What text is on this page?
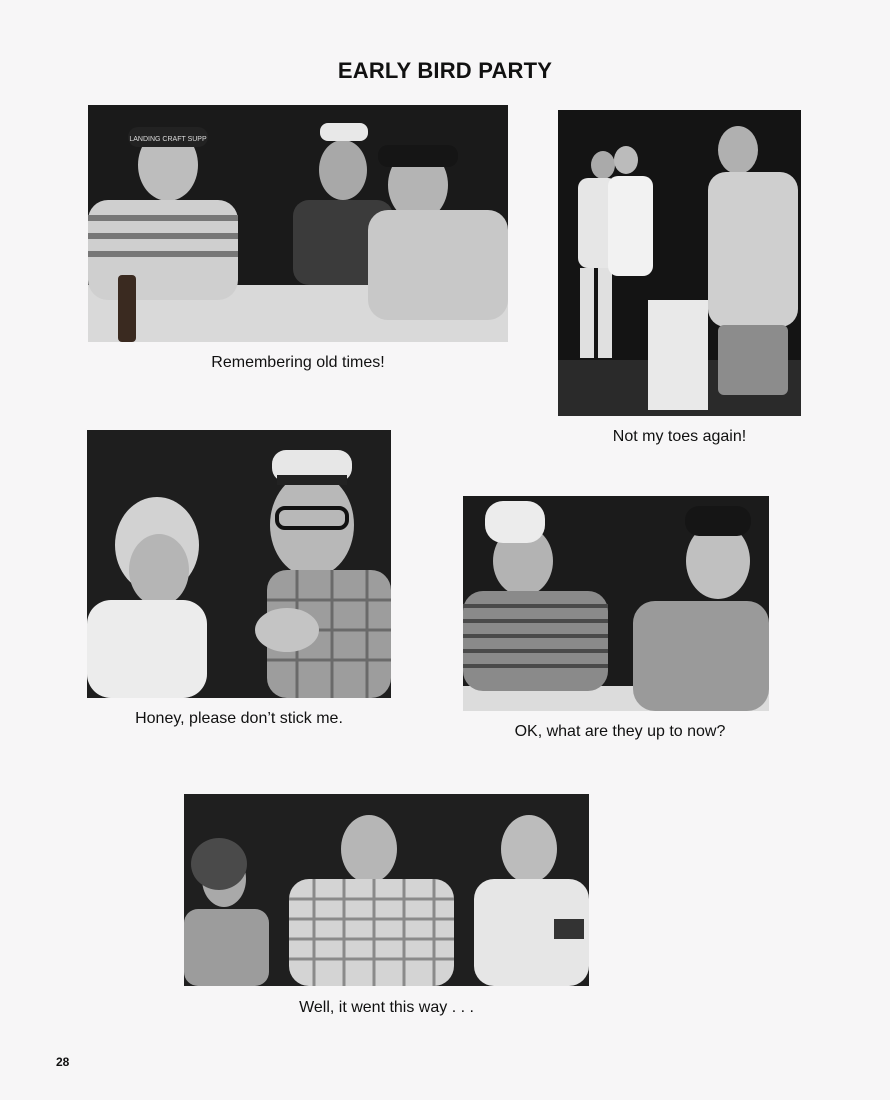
EARLY BIRD PARTY
LANDING CRAFT SUPP
Remembering old times!
Not my toes again!
Honey, please don’t stick me.
OK, what are they up to now?
Well, it went this way . . .
28
